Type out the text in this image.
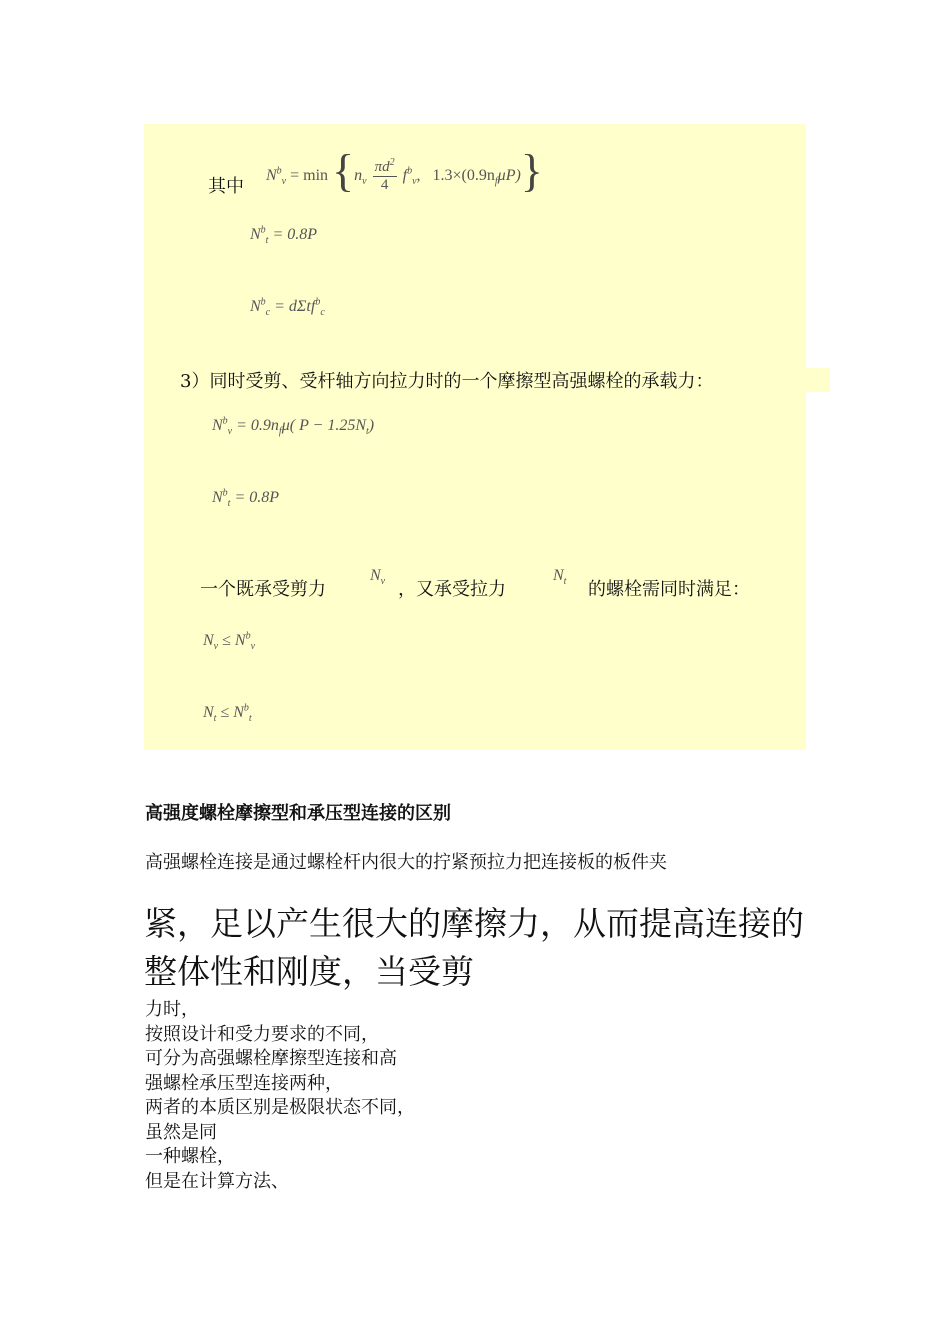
$N^b_v = \min \{n_v \frac{\pi d^2}{4} f^b_v$, $1.3\times(0.9n_f\mu P)$}
其中
$N^b_t = 0.8P$
$N^b_c = d\Sigma tf^b_c$
3）同时受剪、受杆轴方向拉力时的一个摩擦型高强螺栓的承载力：
$N^b_v = 0.9n_f\mu$( $P - 1.25N_t$)
$N^b_t = 0.8P$
一个既承受剪力
$N_v$ ，又承受拉力
$N_t$ 的螺栓需同时满足：
$N_v \le N^b_v$
$N_t \le N^b_t$
高强度螺栓摩擦型和承压型连接的区别
高强螺栓连接是通过螺栓杆内很大的拧紧预拉力把连接板的板件夹
紧，足以产生很大的摩擦力，从而提高连接的整体性和刚度，当受剪
力时，
按照设计和受力要求的不同，
可分为高强螺栓摩擦型连接和高
强螺栓承压型连接两种，
两者的本质区别是极限状态不同，
虽然是同
一种螺栓，
但是在计算方法、
